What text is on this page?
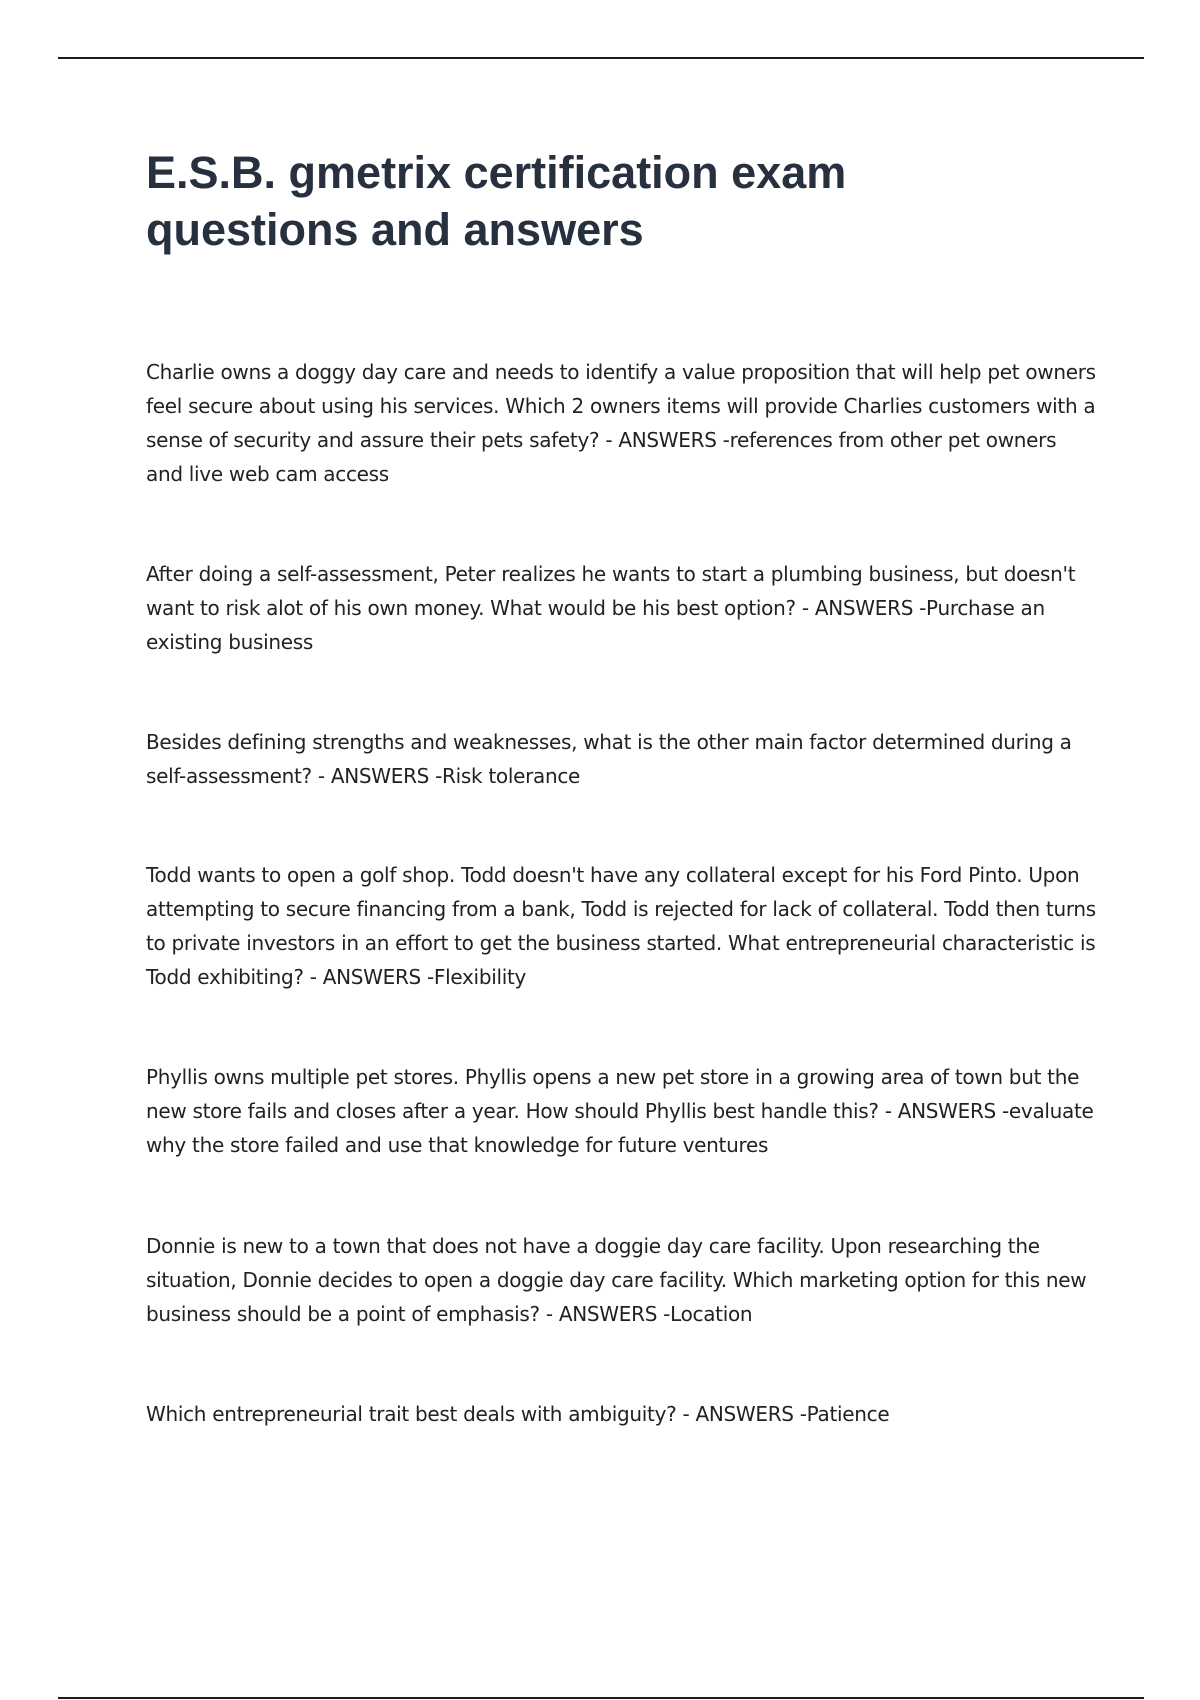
E.S.B. gmetrix certification exam questions and answers

Charlie owns a doggy day care and needs to identify a value proposition that will help pet owners feel secure about using his services. Which 2 owners items will provide Charlies customers with a sense of security and assure their pets safety? - ANSWERS -references from other pet owners and live web cam access

After doing a self-assessment, Peter realizes he wants to start a plumbing business, but doesn't want to risk alot of his own money. What would be his best option? - ANSWERS -Purchase an existing business

Besides defining strengths and weaknesses, what is the other main factor determined during a self-assessment? - ANSWERS -Risk tolerance

Todd wants to open a golf shop. Todd doesn't have any collateral except for his Ford Pinto. Upon attempting to secure financing from a bank, Todd is rejected for lack of collateral. Todd then turns to private investors in an effort to get the business started. What entrepreneurial characteristic is Todd exhibiting? - ANSWERS -Flexibility

Phyllis owns multiple pet stores. Phyllis opens a new pet store in a growing area of town but the new store fails and closes after a year. How should Phyllis best handle this? - ANSWERS -evaluate why the store failed and use that knowledge for future ventures

Donnie is new to a town that does not have a doggie day care facility. Upon researching the situation, Donnie decides to open a doggie day care facility. Which marketing option for this new business should be a point of emphasis? - ANSWERS -Location

Which entrepreneurial trait best deals with ambiguity? - ANSWERS -Patience
